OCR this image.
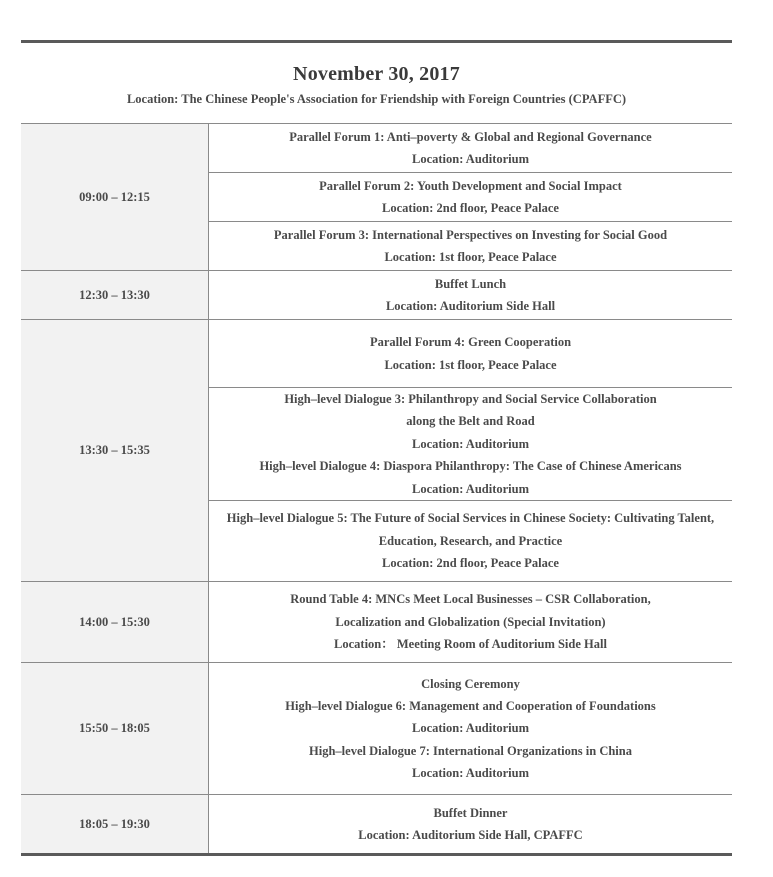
November 30, 2017
Location: The Chinese People's Association for Friendship with Foreign Countries (CPAFFC)
09:00 – 12:15	Parallel Forum 1: Anti–poverty & Global and Regional Governance
Location: Auditorium

	Parallel Forum 2: Youth Development and Social Impact
Location: 2nd floor, Peace Palace

	Parallel Forum 3: International Perspectives on Investing for Social Good
Location: 1st floor, Peace Palace

12:30 – 13:30	Buffet Lunch
Location: Auditorium Side Hall

13:30 – 15:35	Parallel Forum 4: Green Cooperation
Location: 1st floor, Peace Palace

	High–level Dialogue 3: Philanthropy and Social Service Collaboration
along the Belt and Road
Location: Auditorium
High–level Dialogue 4: Diaspora Philanthropy: The Case of Chinese Americans
Location: Auditorium

	High–level Dialogue 5: The Future of Social Services in Chinese Society: Cultivating Talent,
Education, Research, and Practice
Location: 2nd floor, Peace Palace

14:00 – 15:30	Round Table 4: MNCs Meet Local Businesses – CSR Collaboration,
Localization and Globalization (Special Invitation)
Location： Meeting Room of Auditorium Side Hall

15:50 – 18:05	Closing Ceremony
High–level Dialogue 6: Management and Cooperation of Foundations
Location: Auditorium
High–level Dialogue 7: International Organizations in China
Location: Auditorium

18:05 – 19:30	Buffet Dinner
Location: Auditorium Side Hall, CPAFFC
